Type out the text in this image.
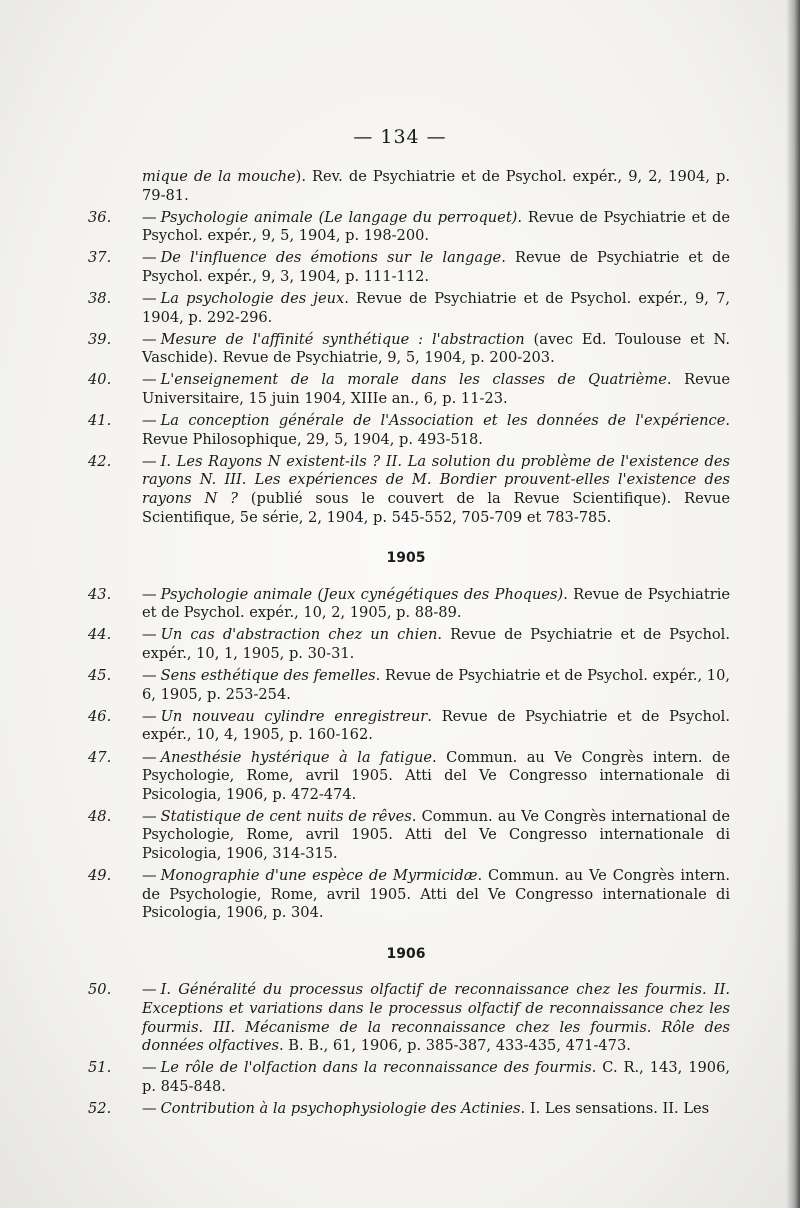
— 134 —
mique de la mouche). Rev. de Psychiatrie et de Psychol. expér., 9, 2, 1904, p. 79-81.
36. — Psychologie animale (Le langage du perroquet). Revue de Psychiatrie et de Psychol. expér., 9, 5, 1904, p. 198-200.
37. — De l'influence des émotions sur le langage. Revue de Psychiatrie et de Psychol. expér., 9, 3, 1904, p. 111-112.
38. — La psychologie des jeux. Revue de Psychiatrie et de Psychol. expér., 9, 7, 1904, p. 292-296.
39. — Mesure de l'affinité synthétique : l'abstraction (avec Ed. Toulouse et N. Vaschide). Revue de Psychiatrie, 9, 5, 1904, p. 200-203.
40. — L'enseignement de la morale dans les classes de Quatrième. Revue Universitaire, 15 juin 1904, XIIIe an., 6, p. 11-23.
41. — La conception générale de l'Association et les données de l'expérience. Revue Philosophique, 29, 5, 1904, p. 493-518.
42. — I. Les Rayons N existent-ils ? II. La solution du problème de l'existence des rayons N. III. Les expériences de M. Bordier prouvent-elles l'existence des rayons N ? (publié sous le couvert de la Revue Scientifique). Revue Scientifique, 5e série, 2, 1904, p. 545-552, 705-709 et 783-785.
1905
43. — Psychologie animale (Jeux cynégétiques des Phoques). Revue de Psychiatrie et de Psychol. expér., 10, 2, 1905, p. 88-89.
44. — Un cas d'abstraction chez un chien. Revue de Psychiatrie et de Psychol. expér., 10, 1, 1905, p. 30-31.
45. — Sens esthétique des femelles. Revue de Psychiatrie et de Psychol. expér., 10, 6, 1905, p. 253-254.
46. — Un nouveau cylindre enregistreur. Revue de Psychiatrie et de Psychol. expér., 10, 4, 1905, p. 160-162.
47. — Anesthésie hystérique à la fatigue. Commun. au Ve Congrès intern. de Psychologie, Rome, avril 1905. Atti del Ve Congresso internationale di Psicologia, 1906, p. 472-474.
48. — Statistique de cent nuits de rêves. Commun. au Ve Congrès international de Psychologie, Rome, avril 1905. Atti del Ve Congresso internationale di Psicologia, 1906, 314-315.
49. — Monographie d'une espèce de Myrmicidæ. Commun. au Ve Congrès intern. de Psychologie, Rome, avril 1905. Atti del Ve Congresso internationale di Psicologia, 1906, p. 304.
1906
50. — I. Généralité du processus olfactif de reconnaissance chez les fourmis. II. Exceptions et variations dans le processus olfactif de reconnaissance chez les fourmis. III. Mécanisme de la reconnaissance chez les fourmis. Rôle des données olfactives. B. B., 61, 1906, p. 385-387, 433-435, 471-473.
51. — Le rôle de l'olfaction dans la reconnaissance des fourmis. C. R., 143, 1906, p. 845-848.
52. — Contribution à la psychophysiologie des Actinies. I. Les sensations. II. Les
